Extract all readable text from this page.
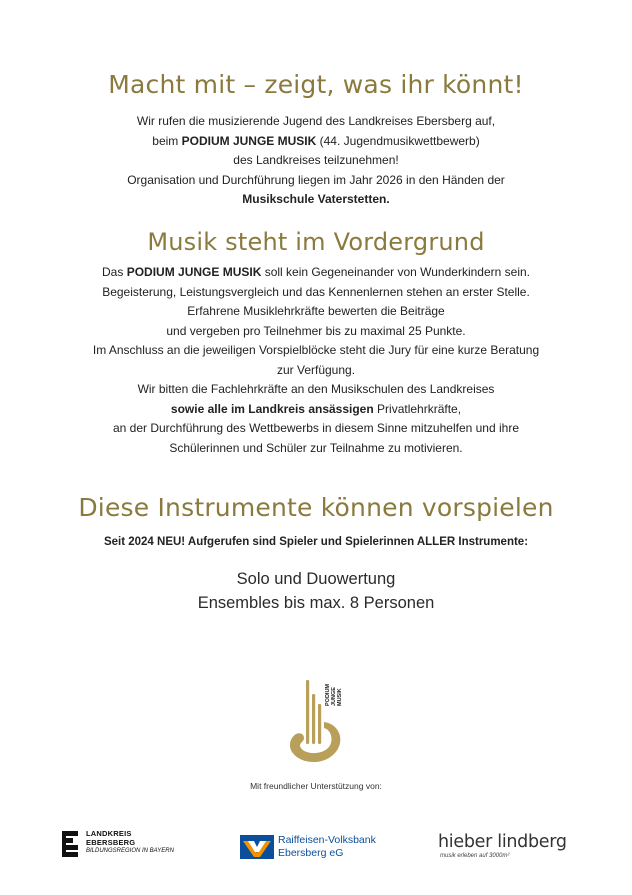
Macht mit – zeigt, was ihr könnt!
Wir rufen die musizierende Jugend des Landkreises Ebersberg auf,
beim PODIUM JUNGE MUSIK (44. Jugendmusikwettbewerb)
des Landkreises teilzunehmen!
Organisation und Durchführung liegen im Jahr 2026 in den Händen der
Musikschule Vaterstetten.
Musik steht im Vordergrund
Das PODIUM JUNGE MUSIK soll kein Gegeneinander von Wunderkindern sein.
Begeisterung, Leistungsvergleich und das Kennenlernen stehen an erster Stelle.
Erfahrene Musiklehrkräfte bewerten die Beiträge
und vergeben pro Teilnehmer bis zu maximal 25 Punkte.
Im Anschluss an die jeweiligen Vorspielblöcke steht die Jury für eine kurze Beratung
zur Verfügung.
Wir bitten die Fachlehrkräfte an den Musikschulen des Landkreises
sowie alle im Landkreis ansässigen Privatlehrkräfte,
an der Durchführung des Wettbewerbs in diesem Sinne mitzuhelfen und ihre
Schülerinnen und Schüler zur Teilnahme zu motivieren.
Diese Instrumente können vorspielen
Seit 2024 NEU! Aufgerufen sind Spieler und Spielerinnen ALLER Instrumente:
Solo und Duowertung
Ensembles bis max. 8 Personen
PODIUM JUNGE MUSIK
Mit freundlicher Unterstützung von:
LANDKREIS
EBERSBERG
BILDUNGSREGION IN BAYERN
Raiffeisen-Volksbank
Ebersberg eG
hieber lindberg
musik erleben auf 3000m²
